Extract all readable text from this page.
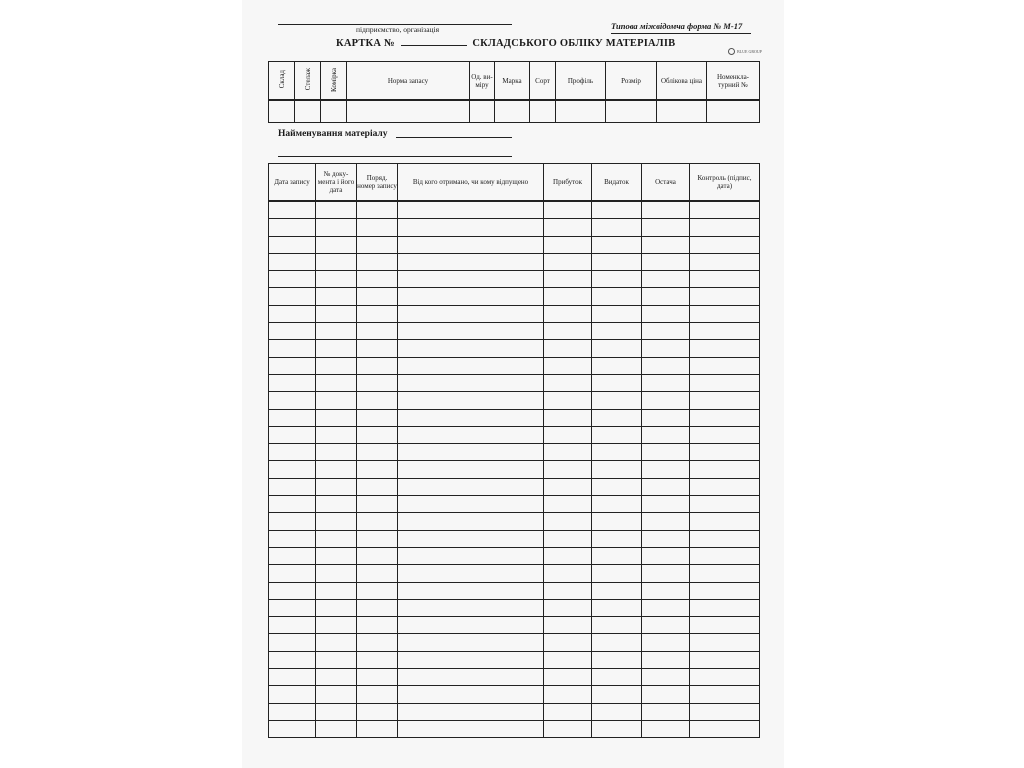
підприємство, організація	Типова міжвідомча форма № М-17
КАРТКА №	СКЛАДСЬКОГО ОБЛІКУ МАТЕРІАЛІВ
BLUE GROUP
Склад	Стелаж	Комірка	Норма запасу	Од. ви-міру	Марка	Сорт	Профіль	Розмір	Облікова ціна	Номенкла-турний №

Найменування матеріалу
Дата запису	№ доку-мента і його дата	Поряд. номер запису	Від кого отримано, чи кому відпущено	Прибуток	Видаток	Остача	Контроль (підпис, дата)
